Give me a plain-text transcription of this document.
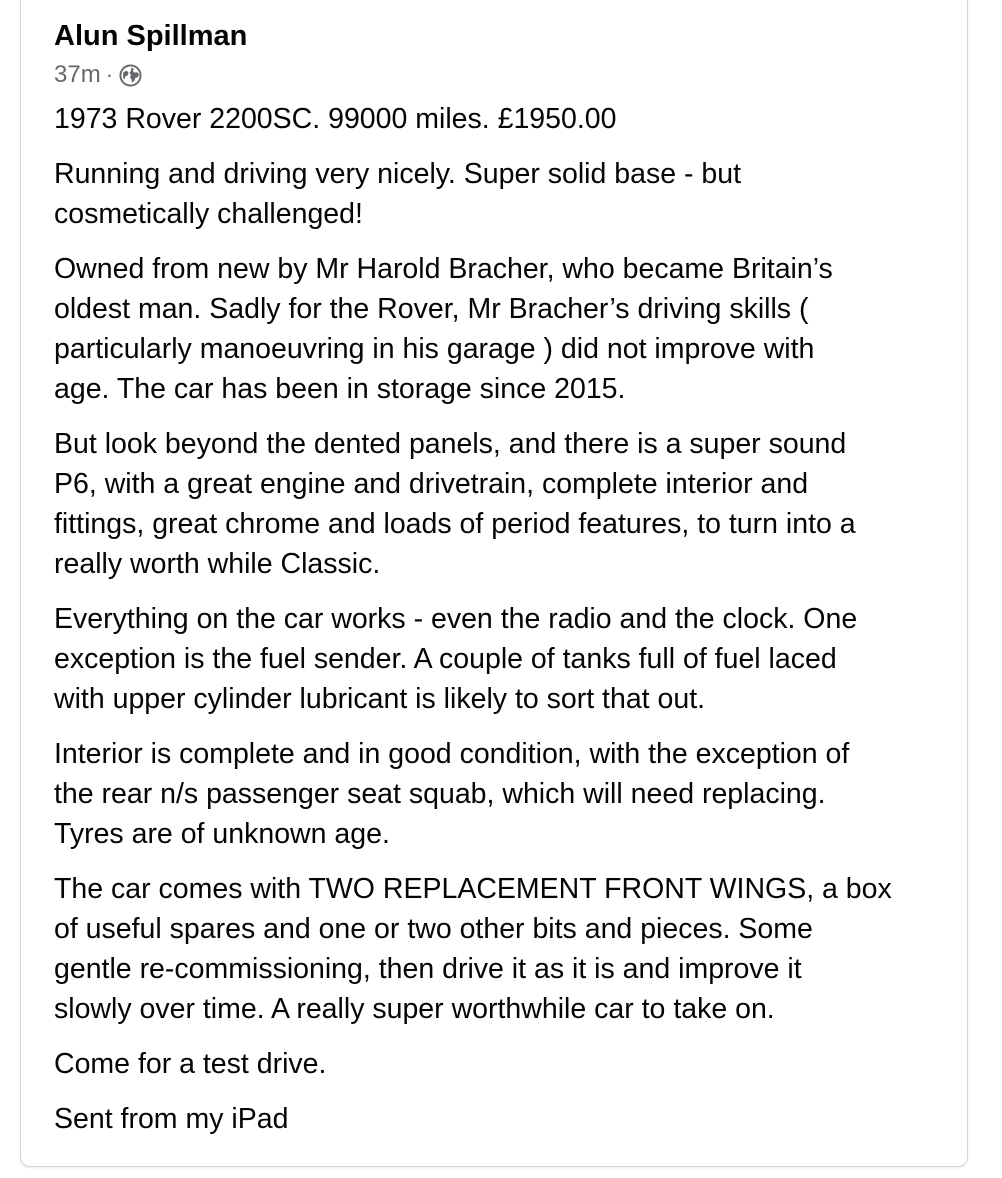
Alun Spillman
37m ·

1973 Rover 2200SC. 99000 miles. £1950.00

Running and driving very nicely. Super solid base - but
cosmetically challenged!

Owned from new by Mr Harold Bracher, who became Britain’s
oldest man. Sadly for the Rover, Mr Bracher’s driving skills (
particularly manoeuvring in his garage ) did not improve with
age. The car has been in storage since 2015.

But look beyond the dented panels, and there is a super sound
P6, with a great engine and drivetrain, complete interior and
fittings, great chrome and loads of period features, to turn into a
really worth while Classic.

Everything on the car works - even the radio and the clock. One
exception is the fuel sender. A couple of tanks full of fuel laced
with upper cylinder lubricant is likely to sort that out.

Interior is complete and in good condition, with the exception of
the rear n/s passenger seat squab, which will need replacing.
Tyres are of unknown age.

The car comes with TWO REPLACEMENT FRONT WINGS, a box
of useful spares and one or two other bits and pieces. Some
gentle re-commissioning, then drive it as it is and improve it
slowly over time. A really super worthwhile car to take on.

Come for a test drive.

Sent from my iPad
